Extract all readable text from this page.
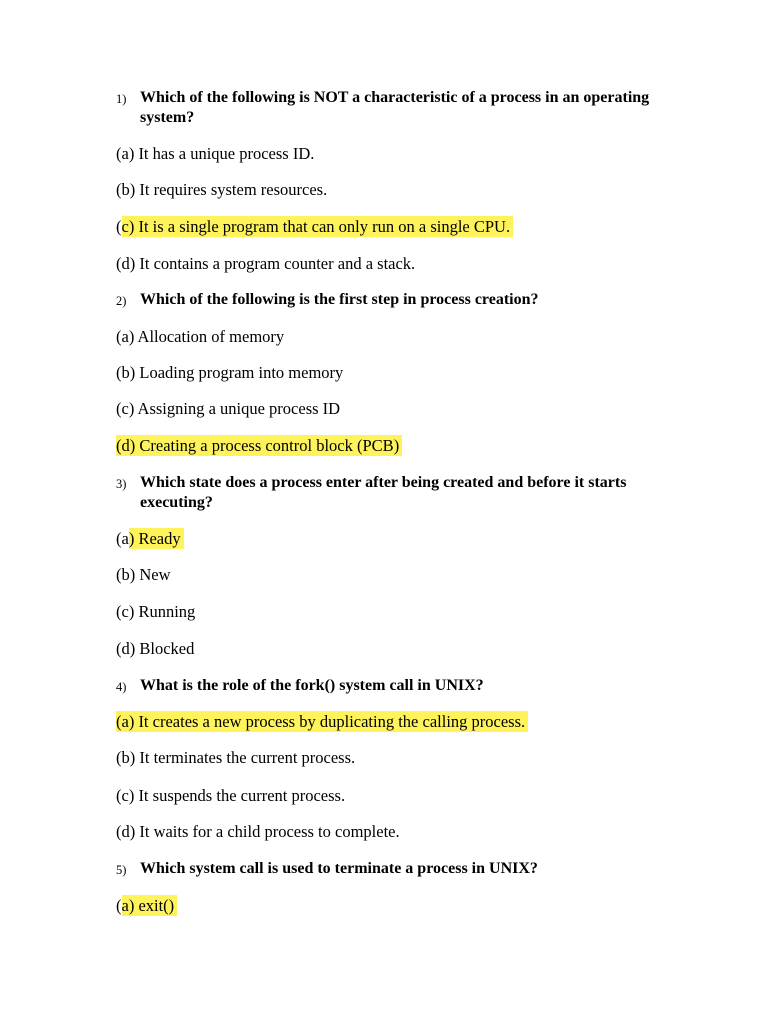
1) Which of the following is NOT a characteristic of a process in an operating system?
(a) It has a unique process ID.
(b) It requires system resources.
(c) It is a single program that can only run on a single CPU.
(d) It contains a program counter and a stack.
2) Which of the following is the first step in process creation?
(a) Allocation of memory
(b) Loading program into memory
(c) Assigning a unique process ID
(d) Creating a process control block (PCB)
3) Which state does a process enter after being created and before it starts executing?
(a) Ready
(b) New
(c) Running
(d) Blocked
4) What is the role of the fork() system call in UNIX?
(a) It creates a new process by duplicating the calling process.
(b) It terminates the current process.
(c) It suspends the current process.
(d) It waits for a child process to complete.
5) Which system call is used to terminate a process in UNIX?
(a) exit()
